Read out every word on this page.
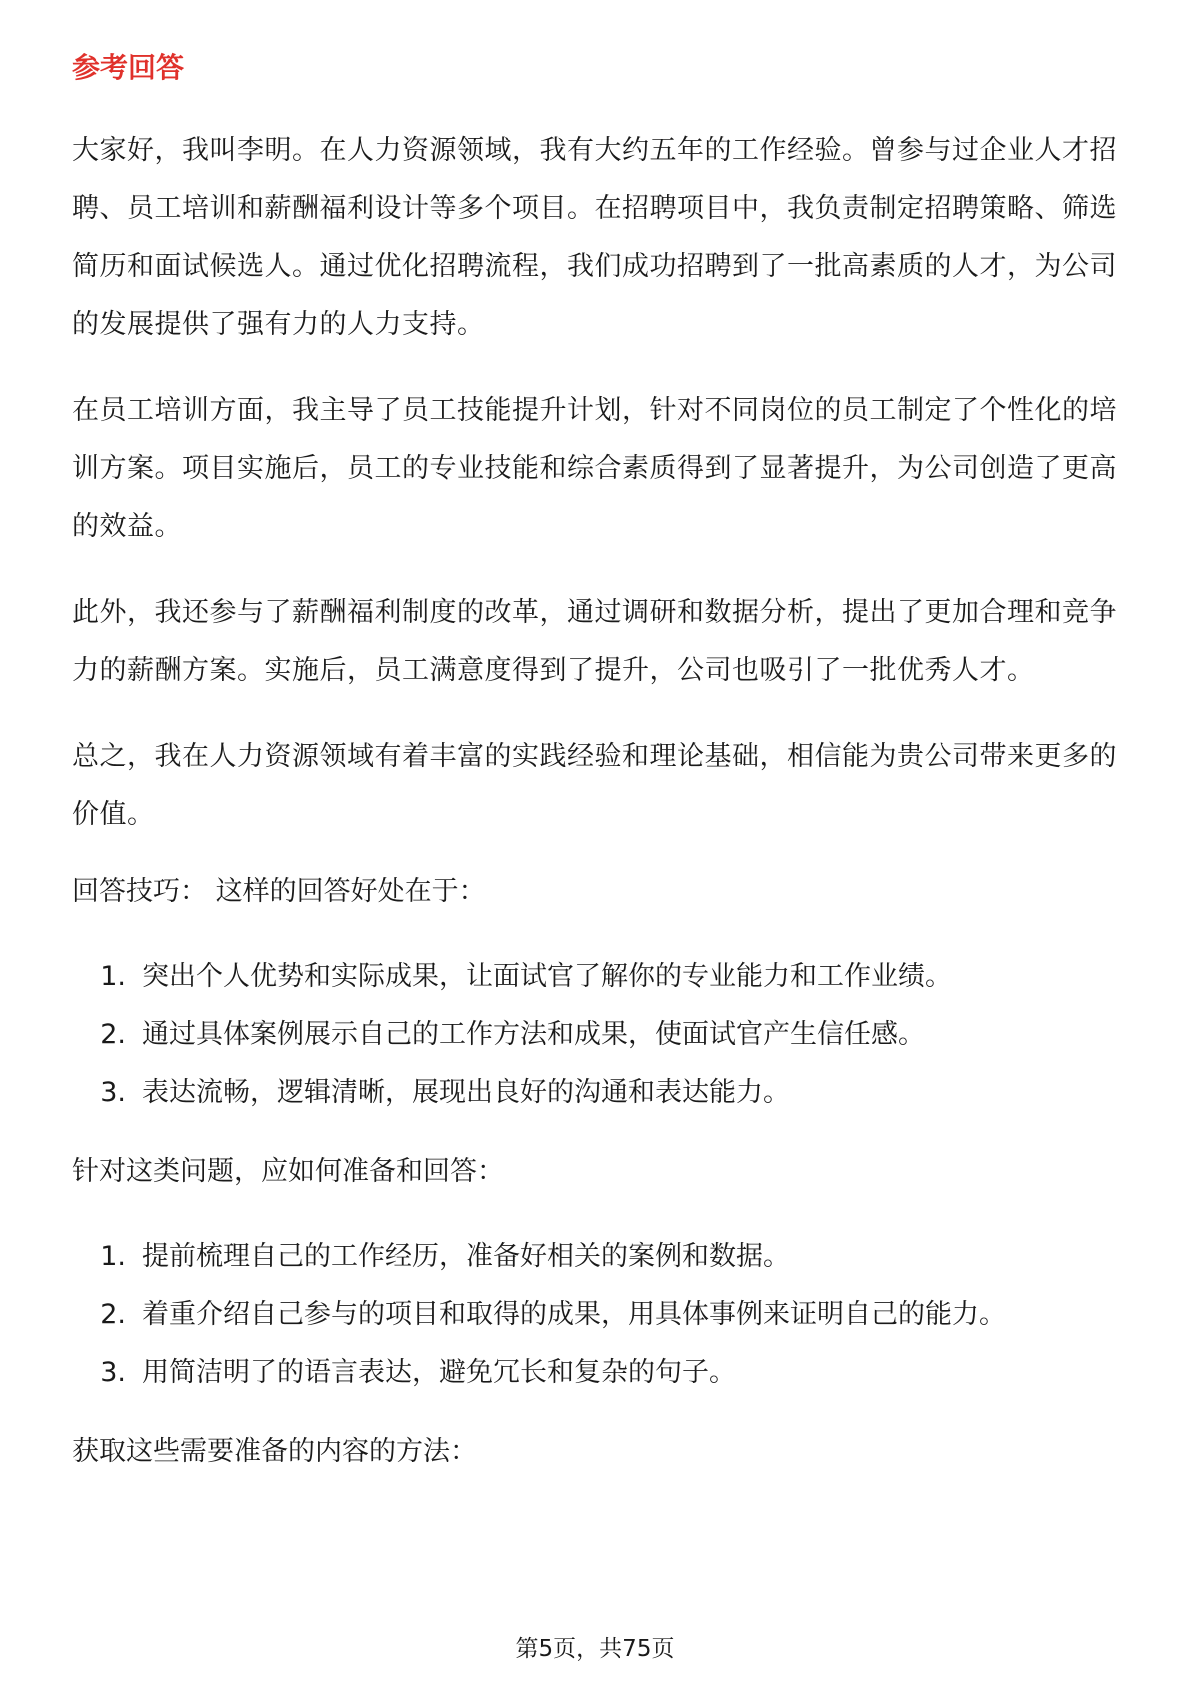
参考回答

大家好，我叫李明。在人力资源领域，我有大约五年的工作经验。曾参与过企业人才招聘、员工培训和薪酬福利设计等多个项目。在招聘项目中，我负责制定招聘策略、筛选简历和面试候选人。通过优化招聘流程，我们成功招聘到了一批高素质的人才，为公司的发展提供了强有力的人力支持。

在员工培训方面，我主导了员工技能提升计划，针对不同岗位的员工制定了个性化的培训方案。项目实施后，员工的专业技能和综合素质得到了显著提升，为公司创造了更高的效益。

此外，我还参与了薪酬福利制度的改革，通过调研和数据分析，提出了更加合理和竞争力的薪酬方案。实施后，员工满意度得到了提升，公司也吸引了一批优秀人才。

总之，我在人力资源领域有着丰富的实践经验和理论基础，相信能为贵公司带来更多的价值。

回答技巧： 这样的回答好处在于：
1. 突出个人优势和实际成果，让面试官了解你的专业能力和工作业绩。
2. 通过具体案例展示自己的工作方法和成果，使面试官产生信任感。
3. 表达流畅，逻辑清晰，展现出良好的沟通和表达能力。
针对这类问题，应如何准备和回答：
1. 提前梳理自己的工作经历，准备好相关的案例和数据。
2. 着重介绍自己参与的项目和取得的成果，用具体事例来证明自己的能力。
3. 用简洁明了的语言表达，避免冗长和复杂的句子。
获取这些需要准备的内容的方法：
第5页，共75页
